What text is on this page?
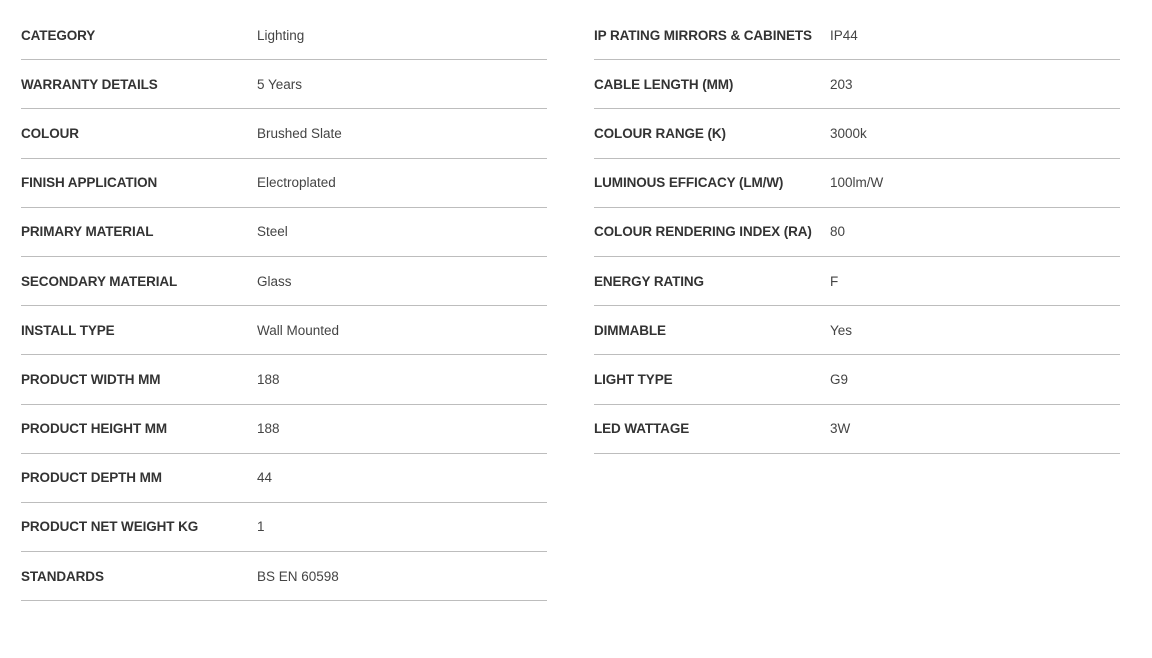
CATEGORY	Lighting
WARRANTY DETAILS	5 Years
COLOUR	Brushed Slate
FINISH APPLICATION	Electroplated
PRIMARY MATERIAL	Steel
SECONDARY MATERIAL	Glass
INSTALL TYPE	Wall Mounted
PRODUCT WIDTH MM	188
PRODUCT HEIGHT MM	188
PRODUCT DEPTH MM	44
PRODUCT NET WEIGHT KG	1
STANDARDS	BS EN 60598
IP RATING MIRRORS & CABINETS	IP44
CABLE LENGTH (MM)	203
COLOUR RANGE (K)	3000k
LUMINOUS EFFICACY (LM/W)	100lm/W
COLOUR RENDERING INDEX (RA)	80
ENERGY RATING	F
DIMMABLE	Yes
LIGHT TYPE	G9
LED WATTAGE	3W
